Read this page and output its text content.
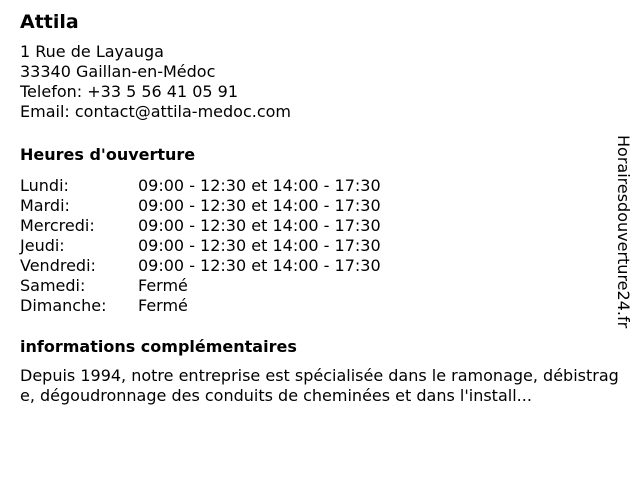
Attila

1 Rue de Layauga

33340 Gaillan-en-Médoc

Telefon: +33 5 56 41 05 91

Email: contact@attila-medoc.com

Heures d'ouverture
Lundi:	09:00 - 12:30 et 14:00 - 17:30
Mardi:	09:00 - 12:30 et 14:00 - 17:30
Mercredi:	09:00 - 12:30 et 14:00 - 17:30
Jeudi:	09:00 - 12:30 et 14:00 - 17:30
Vendredi:	09:00 - 12:30 et 14:00 - 17:30
Samedi:	Fermé
Dimanche:	Fermé
informations complémentaires

Depuis 1994, notre entreprise est spécialisée dans le ramonage, débistrage, dégoudronnage des conduits de cheminées et dans l'install...

Horairesdouverture24.fr
